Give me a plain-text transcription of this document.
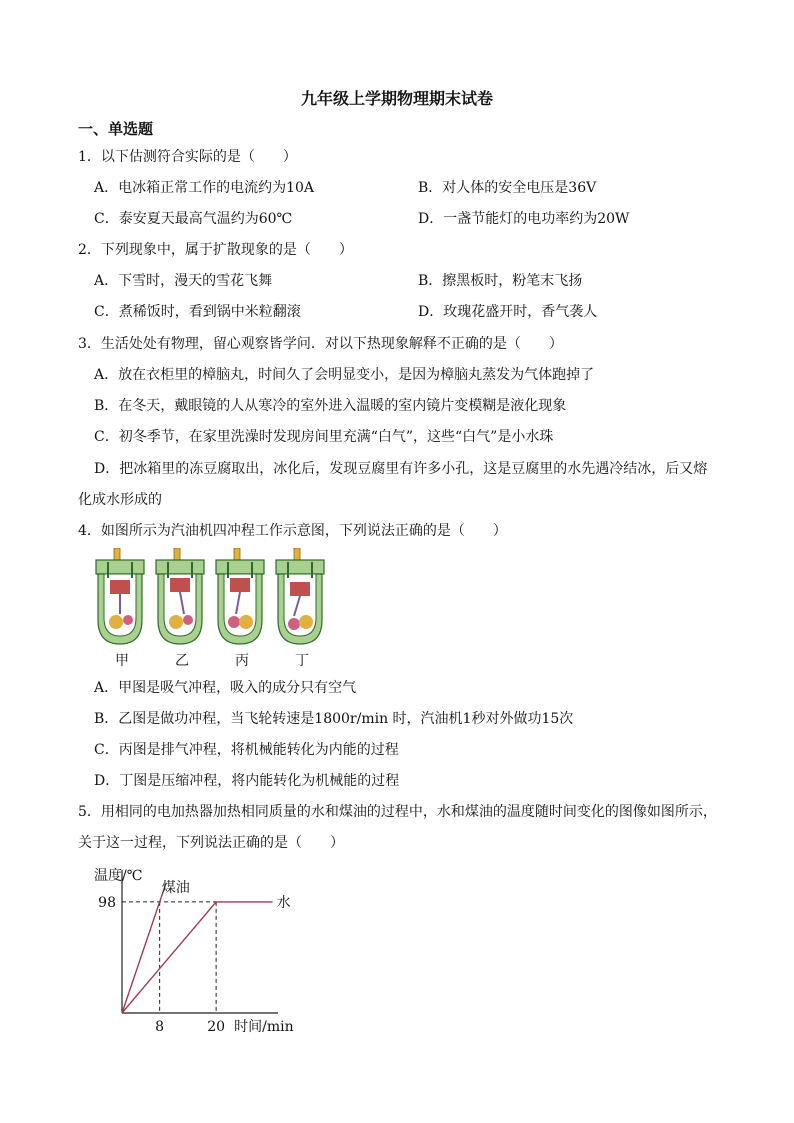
九年级上学期物理期末试卷
一、单选题
1．以下估测符合实际的是（　　）
A．电冰箱正常工作的电流约为10A	B．对人体的安全电压是36V
C．泰安夏天最高气温约为60℃	D．一盏节能灯的电功率约为20W
2．下列现象中，属于扩散现象的是（　　）
A．下雪时，漫天的雪花飞舞	B．擦黑板时，粉笔末飞扬
C．煮稀饭时，看到锅中米粒翻滚	D．玫瑰花盛开时，香气袭人
3．生活处处有物理，留心观察皆学问．对以下热现象解释不正确的是（　　）
A．放在衣柜里的樟脑丸，时间久了会明显变小，是因为樟脑丸蒸发为气体跑掉了
B．在冬天，戴眼镜的人从寒冷的室外进入温暖的室内镜片变模糊是液化现象
C．初冬季节，在家里洗澡时发现房间里充满“白气”，这些“白气”是小水珠
D．把冰箱里的冻豆腐取出，冰化后，发现豆腐里有许多小孔，这是豆腐里的水先遇冷结冰，后又熔
化成水形成的
4．如图所示为汽油机四冲程工作示意图，下列说法正确的是（　　）
甲	乙	丙	丁
A．甲图是吸气冲程，吸入的成分只有空气
B．乙图是做功冲程，当飞轮转速是1800r/min 时，汽油机1秒对外做功15次
C．丙图是排气冲程，将机械能转化为内能的过程
D．丁图是压缩冲程，将内能转化为机械能的过程
5．用相同的电加热器加热相同质量的水和煤油的过程中，水和煤油的温度随时间变化的图像如图所示，
关于这一过程，下列说法正确的是（　　）
温度/℃
时间/min
98
8	20
煤油
水
